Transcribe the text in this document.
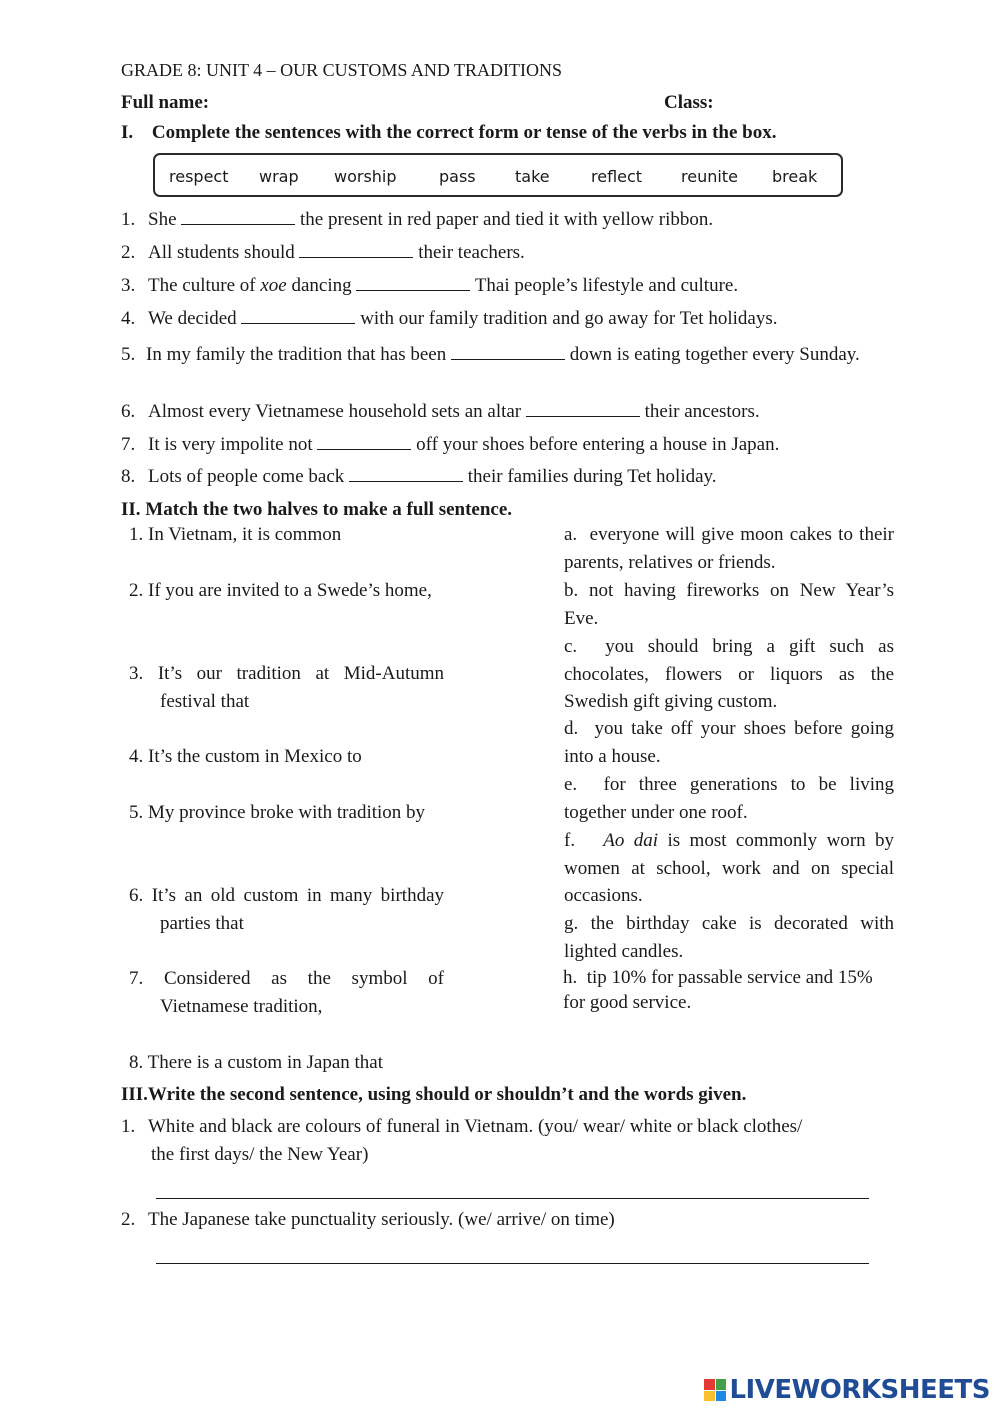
GRADE 8: UNIT 4 – OUR CUSTOMS AND TRADITIONS
Full name:	Class:
I. Complete the sentences with the correct form or tense of the verbs in the box.
respect wrap worship	pass take	reflect reunite break
1. She	the present in red paper and tied it with yellow ribbon.
2. All students should	their teachers.
3. The culture of xoe dancing	Thai people’s lifestyle and culture.
4. We decided	with our family tradition and go away for Tet holidays.
5. In my family the tradition that has been	down is eating together every Sunday.
6. Almost every Vietnamese household sets an altar	their ancestors.
7. It is very impolite not	off your shoes before entering a house in Japan.
8. Lots of people come back	their families during Tet holiday.
II. Match the two halves to make a full sentence.
1. In Vietnam, it is common
2. If you are invited to a Swede’s home,
3. It’s our tradition at Mid-Autumn festival that
4. It’s the custom in Mexico to
5. My province broke with tradition by
6. It’s an old custom in many birthday parties that
7. Considered as the symbol of Vietnamese tradition,
8. There is a custom in Japan that
a. everyone will give moon cakes to their parents, relatives or friends.
b. not having fireworks on New Year’s Eve.
c. you should bring a gift such as chocolates, flowers or liquors as the Swedish gift giving custom.
d. you take off your shoes before going into a house.
e. for three generations to be living together under one roof.
f. Ao dai is most commonly worn by women at school, work and on special occasions.
g. the birthday cake is decorated with lighted candles.
h. tip 10% for passable service and 15% for good service.
III.Write the second sentence, using should or shouldn’t and the words given.
1. White and black are colours of funeral in Vietnam. (you/ wear/ white or black clothes/
the first days/ the New Year)
2. The Japanese take punctuality seriously. (we/ arrive/ on time)
LIVEWORKSHEETS
